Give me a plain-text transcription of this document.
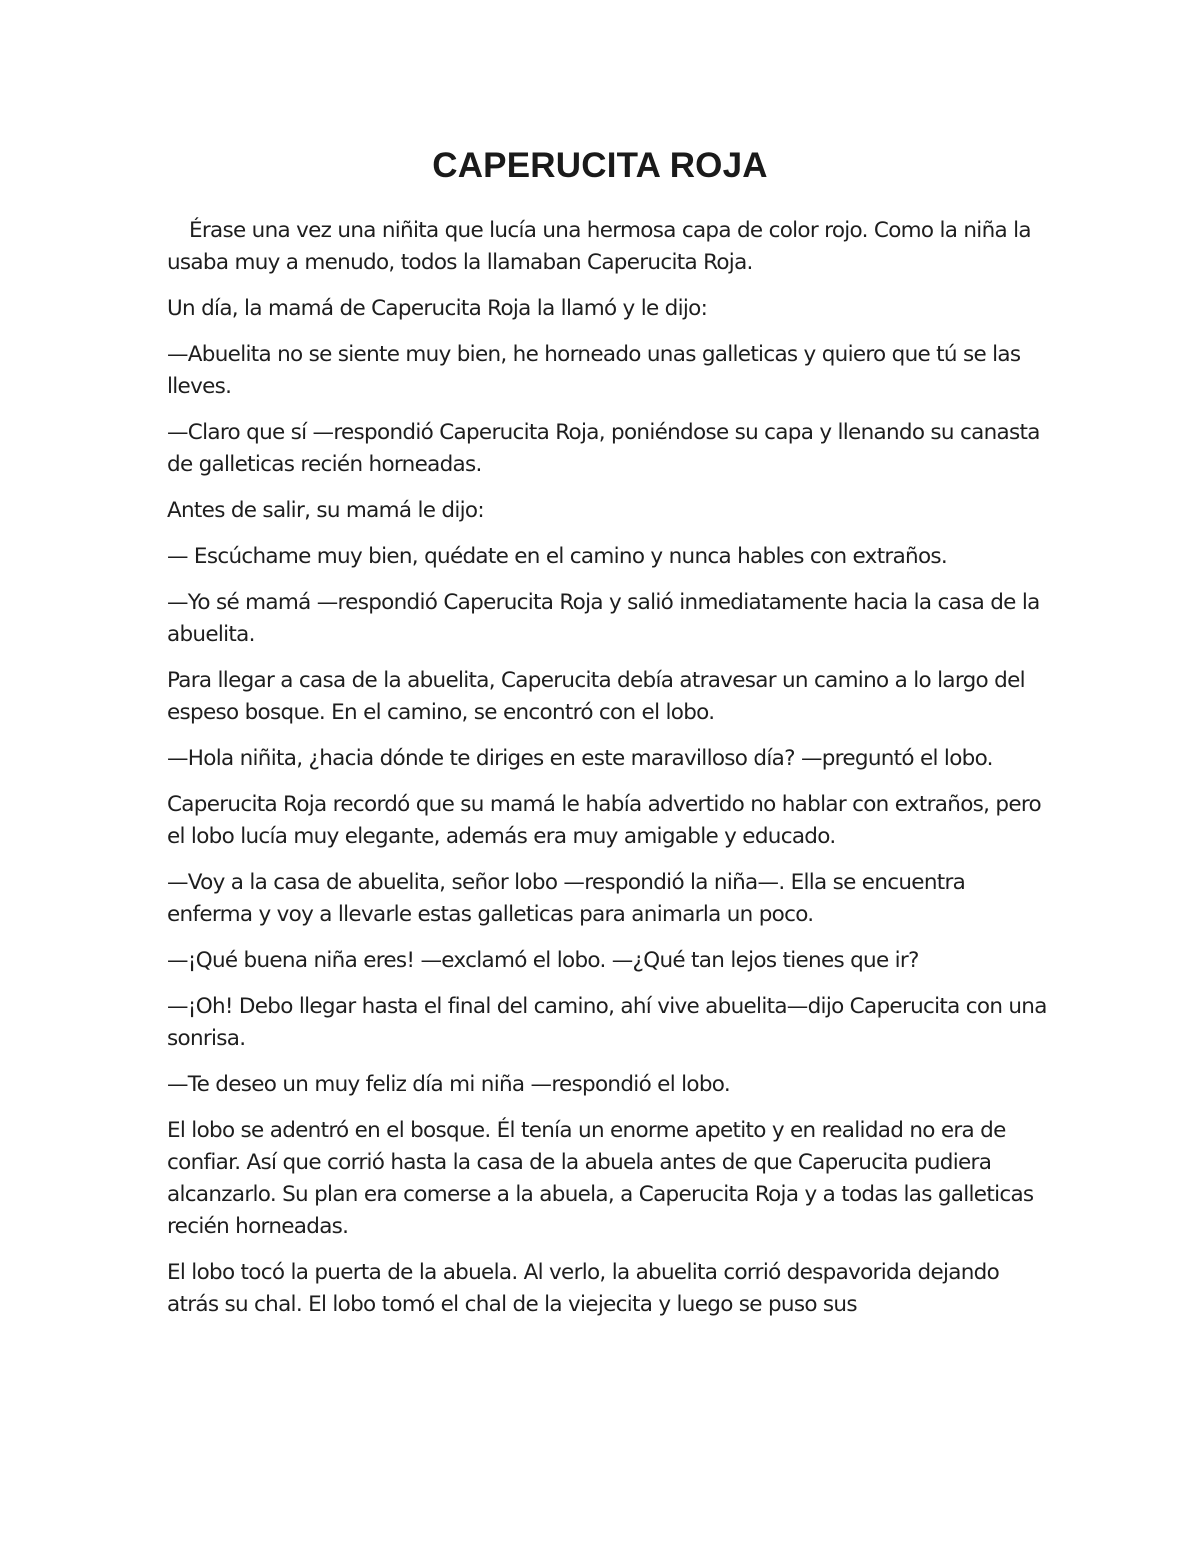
CAPERUCITA ROJA

Érase una vez una niñita que lucía una hermosa capa de color rojo. Como la niña la usaba muy a menudo, todos la llamaban Caperucita Roja.

Un día, la mamá de Caperucita Roja la llamó y le dijo:

—Abuelita no se siente muy bien, he horneado unas galleticas y quiero que tú se las lleves.

—Claro que sí —respondió Caperucita Roja, poniéndose su capa y llenando su canasta de galleticas recién horneadas.

Antes de salir, su mamá le dijo:

— Escúchame muy bien, quédate en el camino y nunca hables con extraños.

—Yo sé mamá —respondió Caperucita Roja y salió inmediatamente hacia la casa de la abuelita.

Para llegar a casa de la abuelita, Caperucita debía atravesar un camino a lo largo del espeso bosque. En el camino, se encontró con el lobo.

—Hola niñita, ¿hacia dónde te diriges en este maravilloso día? —preguntó el lobo.

Caperucita Roja recordó que su mamá le había advertido no hablar con extraños, pero el lobo lucía muy elegante, además era muy amigable y educado.

—Voy a la casa de abuelita, señor lobo —respondió la niña—. Ella se encuentra enferma y voy a llevarle estas galleticas para animarla un poco.

—¡Qué buena niña eres! —exclamó el lobo. —¿Qué tan lejos tienes que ir?

—¡Oh! Debo llegar hasta el final del camino, ahí vive abuelita—dijo Caperucita con una sonrisa.

—Te deseo un muy feliz día mi niña —respondió el lobo.

El lobo se adentró en el bosque. Él tenía un enorme apetito y en realidad no era de confiar. Así que corrió hasta la casa de la abuela antes de que Caperucita pudiera alcanzarlo. Su plan era comerse a la abuela, a Caperucita Roja y a todas las galleticas recién horneadas.

El lobo tocó la puerta de la abuela. Al verlo, la abuelita corrió despavorida dejando atrás su chal. El lobo tomó el chal de la viejecita y luego se puso sus
